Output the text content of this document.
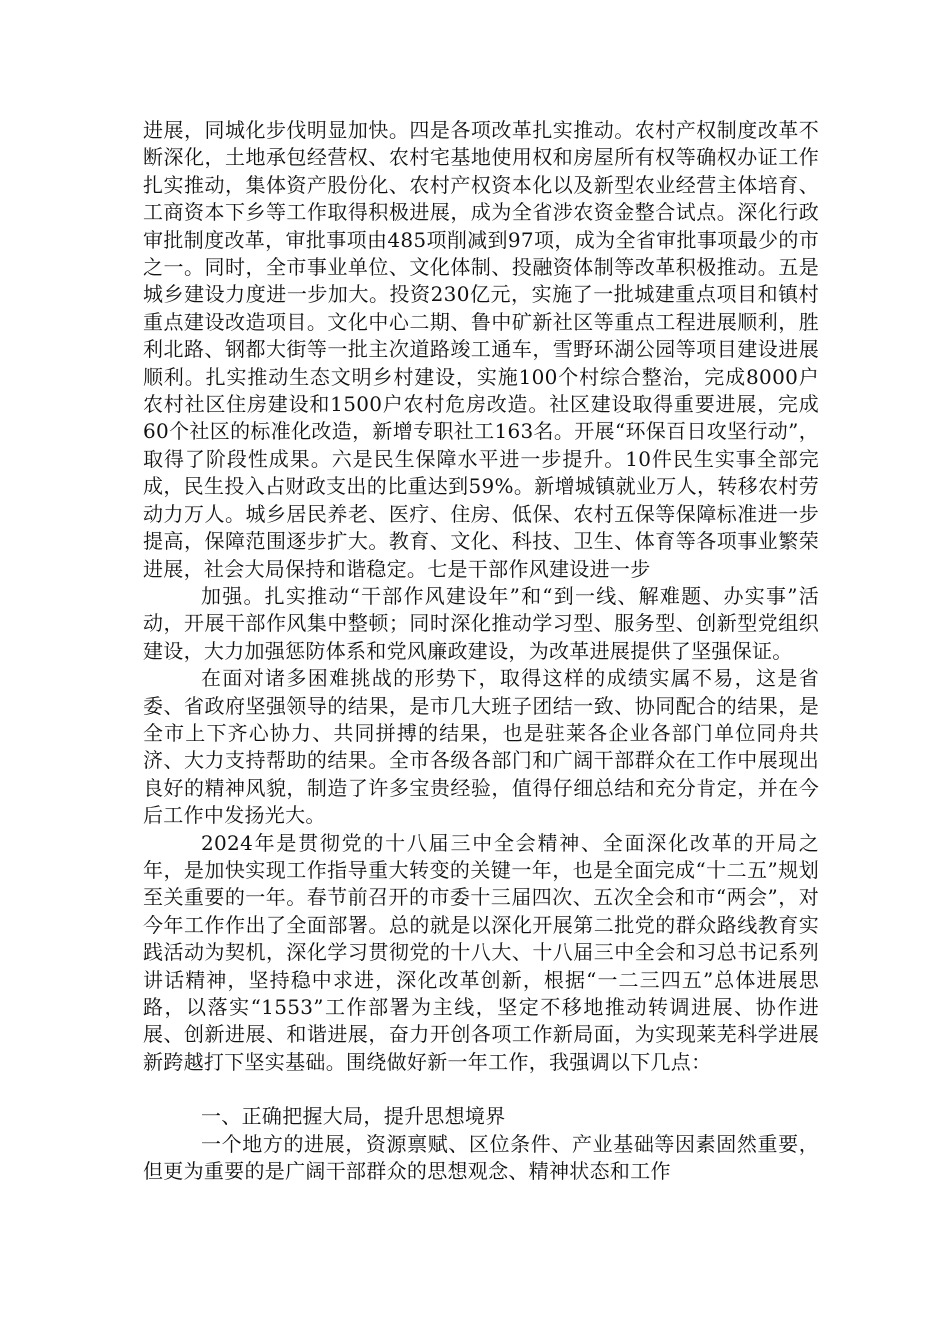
进展，同城化步伐明显加快。四是各项改革扎实推动。农村产权制度改革不断深化，土地承包经营权、农村宅基地使用权和房屋所有权等确权办证工作扎实推动，集体资产股份化、农村产权资本化以及新型农业经营主体培育、工商资本下乡等工作取得积极进展，成为全省涉农资金整合试点。深化行政审批制度改革，审批事项由485项削减到97项，成为全省审批事项最少的市之一。同时，全市事业单位、文化体制、投融资体制等改革积极推动。五是城乡建设力度进一步加大。投资230亿元，实施了一批城建重点项目和镇村重点建设改造项目。文化中心二期、鲁中矿新社区等重点工程进展顺利，胜利北路、钢都大街等一批主次道路竣工通车，雪野环湖公园等项目建设进展顺利。扎实推动生态文明乡村建设，实施100个村综合整治，完成8000户农村社区住房建设和1500户农村危房改造。社区建设取得重要进展，完成60个社区的标准化改造，新增专职社工163名。开展“环保百日攻坚行动”，取得了阶段性成果。六是民生保障水平进一步提升。10件民生实事全部完成，民生投入占财政支出的比重达到59%。新增城镇就业万人，转移农村劳动力万人。城乡居民养老、医疗、住房、低保、农村五保等保障标准进一步提高，保障范围逐步扩大。教育、文化、科技、卫生、体育等各项事业繁荣进展，社会大局保持和谐稳定。七是干部作风建设进一步

加强。扎实推动“干部作风建设年”和“到一线、解难题、办实事”活动，开展干部作风集中整顿；同时深化推动学习型、服务型、创新型党组织建设，大力加强惩防体系和党风廉政建设，为改革进展提供了坚强保证。

在面对诸多困难挑战的形势下，取得这样的成绩实属不易，这是省委、省政府坚强领导的结果，是市几大班子团结一致、协同配合的结果，是全市上下齐心协力、共同拼搏的结果，也是驻莱各企业各部门单位同舟共济、大力支持帮助的结果。全市各级各部门和广阔干部群众在工作中展现出良好的精神风貌，制造了许多宝贵经验，值得仔细总结和充分肯定，并在今后工作中发扬光大。

2024年是贯彻党的十八届三中全会精神、全面深化改革的开局之年，是加快实现工作指导重大转变的关键一年，也是全面完成“十二五”规划至关重要的一年。春节前召开的市委十三届四次、五次全会和市“两会”，对今年工作作出了全面部署。总的就是以深化开展第二批党的群众路线教育实践活动为契机，深化学习贯彻党的十八大、十八届三中全会和习总书记系列讲话精神，坚持稳中求进，深化改革创新，根据“一二三四五”总体进展思路，以落实“1553”工作部署为主线，坚定不移地推动转调进展、协作进展、创新进展、和谐进展，奋力开创各项工作新局面，为实现莱芜科学进展新跨越打下坚实基础。围绕做好新一年工作，我强调以下几点：

一、正确把握大局，提升思想境界

一个地方的进展，资源禀赋、区位条件、产业基础等因素固然重要，但更为重要的是广阔干部群众的思想观念、精神状态和工作
